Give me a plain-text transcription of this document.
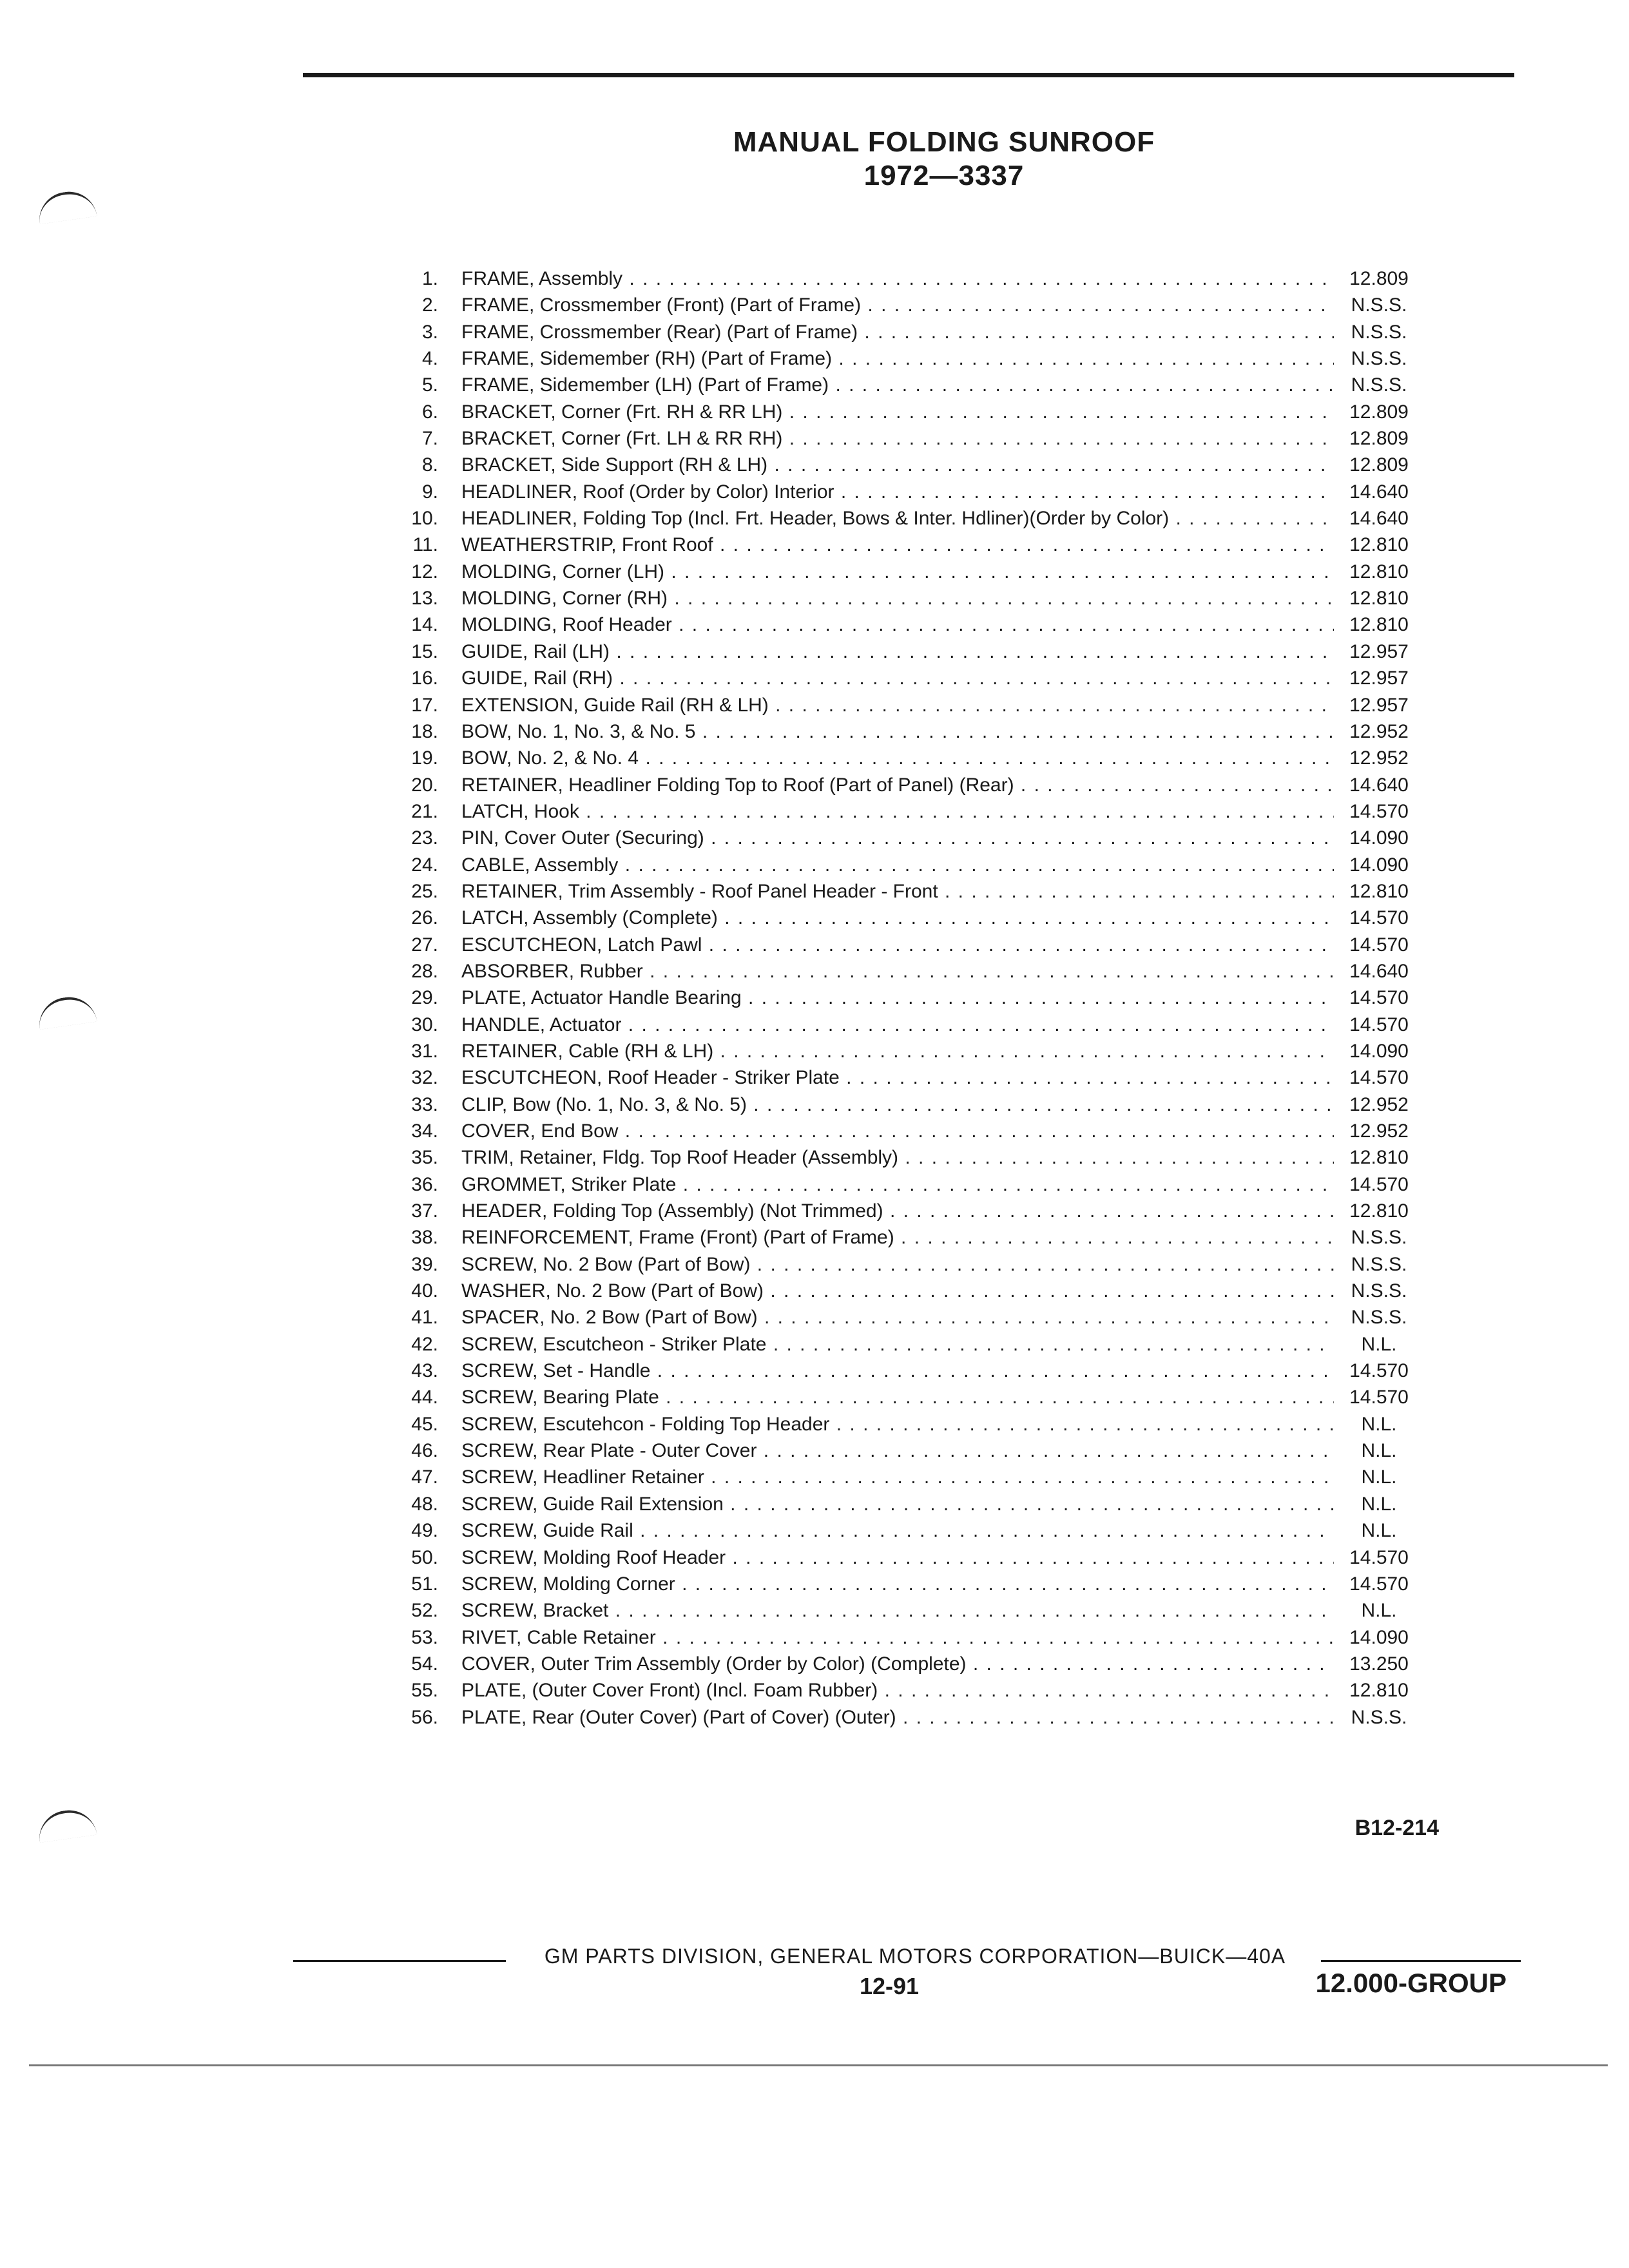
MANUAL FOLDING SUNROOF
1972—3337
1.	FRAME, Assembly . . .	12.809
2.	FRAME, Crossmember (Front) (Part of Frame) . . .	N.S.S.
3.	FRAME, Crossmember (Rear) (Part of Frame) . . .	N.S.S.
4.	FRAME, Sidemember (RH) (Part of Frame) . . .	N.S.S.
5.	FRAME, Sidemember (LH) (Part of Frame) . . .	N.S.S.
6.	BRACKET, Corner (Frt. RH & RR LH) . . .	12.809
7.	BRACKET, Corner (Frt. LH & RR RH) . . .	12.809
8.	BRACKET, Side Support (RH & LH) . . .	12.809
9.	HEADLINER, Roof (Order by Color) Interior . . .	14.640
10.	HEADLINER, Folding Top (Incl. Frt. Header, Bows & Inter. Hdliner)(Order by Color) . . .	14.640
11.	WEATHERSTRIP, Front Roof . . .	12.810
12.	MOLDING, Corner (LH) . . .	12.810
13.	MOLDING, Corner (RH) . . .	12.810
14.	MOLDING, Roof Header . . .	12.810
15.	GUIDE, Rail (LH) . . .	12.957
16.	GUIDE, Rail (RH) . . .	12.957
17.	EXTENSION, Guide Rail (RH & LH) . . .	12.957
18.	BOW, No. 1, No. 3, & No. 5 . . .	12.952
19.	BOW, No. 2, & No. 4 . . .	12.952
20.	RETAINER, Headliner Folding Top to Roof (Part of Panel) (Rear) . . .	14.640
21.	LATCH, Hook . . .	14.570
23.	PIN, Cover Outer (Securing) . . .	14.090
24.	CABLE, Assembly . . .	14.090
25.	RETAINER, Trim Assembly - Roof Panel Header - Front . . .	12.810
26.	LATCH, Assembly (Complete) . . .	14.570
27.	ESCUTCHEON, Latch Pawl . . .	14.570
28.	ABSORBER, Rubber . . .	14.640
29.	PLATE, Actuator Handle Bearing . . .	14.570
30.	HANDLE, Actuator . . .	14.570
31.	RETAINER, Cable (RH & LH) . . .	14.090
32.	ESCUTCHEON, Roof Header - Striker Plate . . .	14.570
33.	CLIP, Bow (No. 1, No. 3, & No. 5) . . .	12.952
34.	COVER, End Bow . . .	12.952
35.	TRIM, Retainer, Fldg. Top Roof Header (Assembly) . . .	12.810
36.	GROMMET, Striker Plate . . .	14.570
37.	HEADER, Folding Top (Assembly) (Not Trimmed) . . .	12.810
38.	REINFORCEMENT, Frame (Front) (Part of Frame) . . .	N.S.S.
39.	SCREW, No. 2 Bow (Part of Bow) . . .	N.S.S.
40.	WASHER, No. 2 Bow (Part of Bow) . . .	N.S.S.
41.	SPACER, No. 2 Bow (Part of Bow) . . .	N.S.S.
42.	SCREW, Escutcheon - Striker Plate . . .	N.L.
43.	SCREW, Set - Handle . . .	14.570
44.	SCREW, Bearing Plate . . .	14.570
45.	SCREW, Escutehcon - Folding Top Header . . .	N.L.
46.	SCREW, Rear Plate - Outer Cover . . .	N.L.
47.	SCREW, Headliner Retainer . . .	N.L.
48.	SCREW, Guide Rail Extension . . .	N.L.
49.	SCREW, Guide Rail . . .	N.L.
50.	SCREW, Molding Roof Header . . .	14.570
51.	SCREW, Molding Corner . . .	14.570
52.	SCREW, Bracket . . .	N.L.
53.	RIVET, Cable Retainer . . .	14.090
54.	COVER, Outer Trim Assembly (Order by Color) (Complete) . . .	13.250
55.	PLATE, (Outer Cover Front) (Incl. Foam Rubber) . . .	12.810
56.	PLATE, Rear (Outer Cover) (Part of Cover) (Outer) . . .	N.S.S.
B12-214
GM PARTS DIVISION, GENERAL MOTORS CORPORATION—BUICK—40A
12-91	12.000-GROUP
